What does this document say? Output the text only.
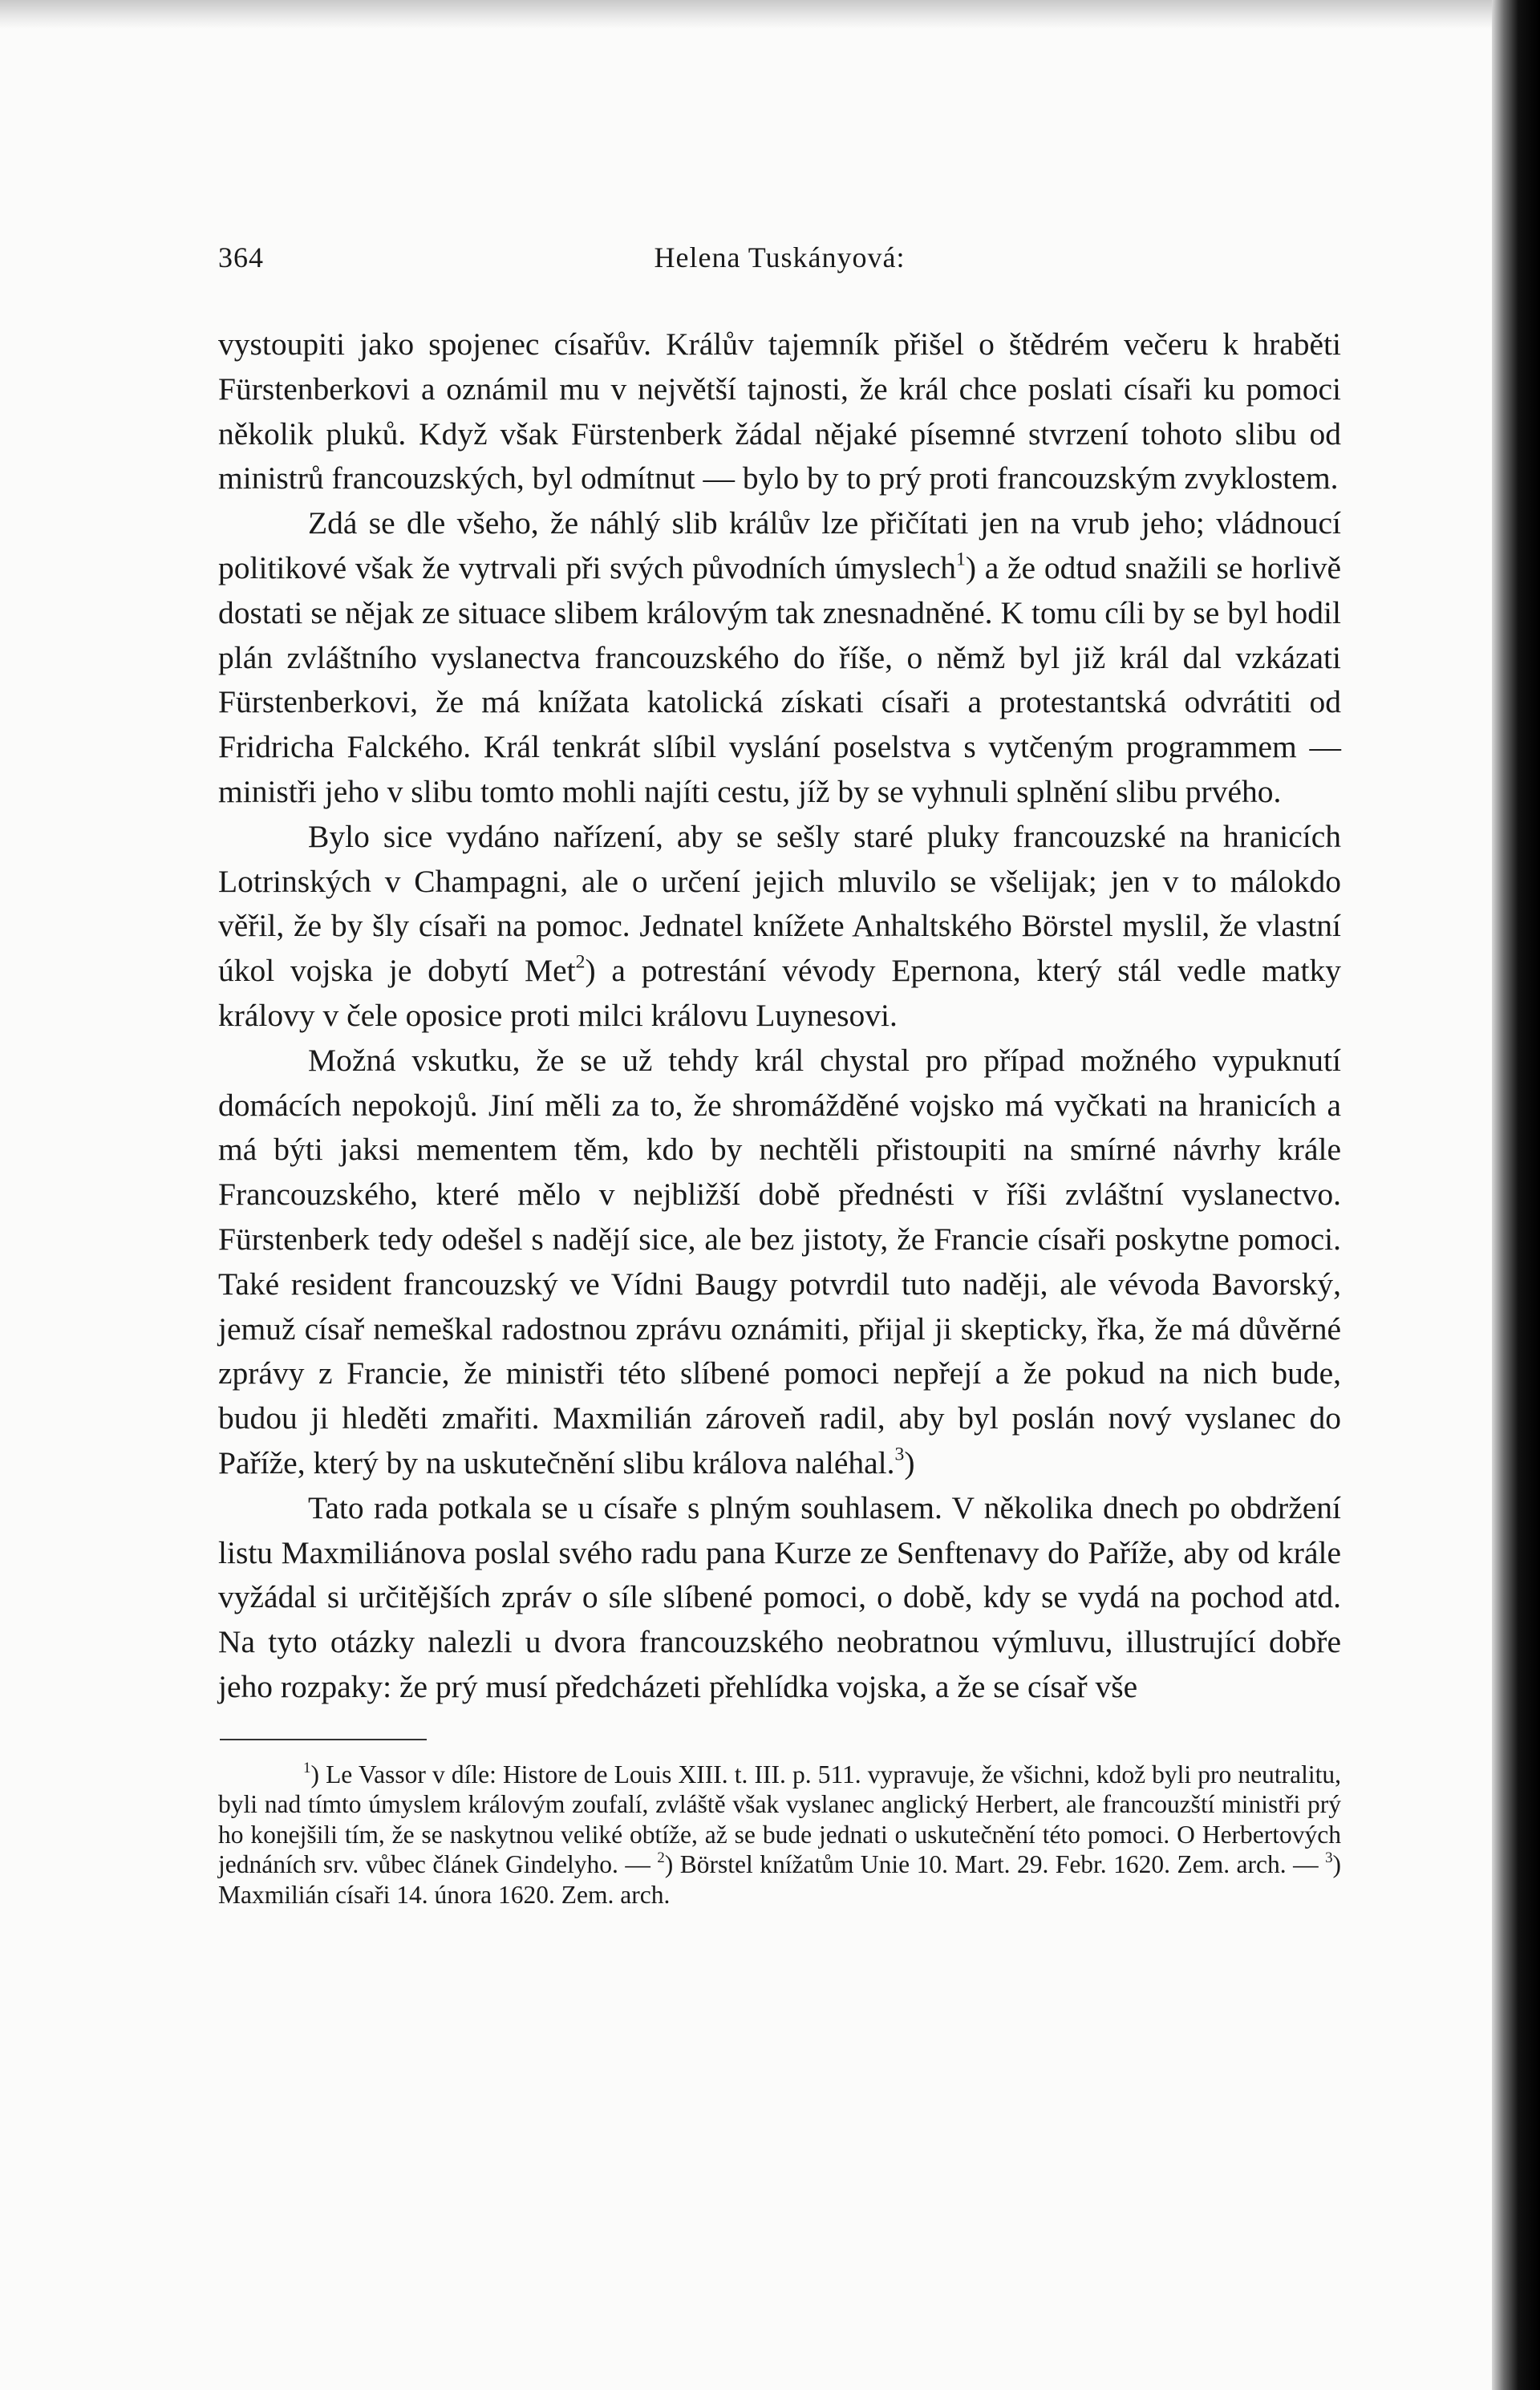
364	Helena Tuskányová:

vystoupiti jako spojenec císařův. Králův tajemník přišel o štědrém večeru k hraběti Fürstenberkovi a oznámil mu v největší tajnosti, že král chce poslati císaři ku pomoci několik pluků. Když však Fürstenberk žádal nějaké písemné stvrzení tohoto slibu od ministrů francouzských, byl odmítnut — bylo by to prý proti francouzským zvyklostem.

Zdá se dle všeho, že náhlý slib králův lze přičítati jen na vrub jeho; vládnoucí politikové však že vytrvali při svých původních úmyslech$^1$) a že odtud snažili se horlivě dostati se nějak ze situace slibem královým tak znesnadněné. K tomu cíli by se byl hodil plán zvláštního vyslanectva francouzského do říše, o němž byl již král dal vzkázati Fürstenberkovi, že má knížata katolická získati císaři a protestantská odvrátiti od Fridricha Falckého. Král tenkrát slíbil vyslání poselstva s vytčeným programmem — ministři jeho v slibu tomto mohli najíti cestu, jíž by se vyhnuli splnění slibu prvého.

Bylo sice vydáno nařízení, aby se sešly staré pluky francouzské na hranicích Lotrinských v Champagni, ale o určení jejich mluvilo se všelijak; jen v to málokdo věřil, že by šly císaři na pomoc. Jednatel knížete Anhaltského Börstel myslil, že vlastní úkol vojska je dobytí Met$^2$) a potrestání vévody Epernona, který stál vedle matky královy v čele oposice proti milci královu Luynesovi.

Možná vskutku, že se už tehdy král chystal pro případ možného vypuknutí domácích nepokojů. Jiní měli za to, že shromážděné vojsko má vyčkati na hranicích a má býti jaksi mementem těm, kdo by nechtěli přistoupiti na smírné návrhy krále Francouzského, které mělo v nejbližší době přednésti v říši zvláštní vyslanectvo. Fürstenberk tedy odešel s nadějí sice, ale bez jistoty, že Francie císaři poskytne pomoci. Také resident francouzský ve Vídni Baugy potvrdil tuto naději, ale vévoda Bavorský, jemuž císař nemeškal radostnou zprávu oznámiti, přijal ji skepticky, řka, že má důvěrné zprávy z Francie, že ministři této slíbené pomoci nepřejí a že pokud na nich bude, budou ji hleděti zmařiti. Maxmilián zároveň radil, aby byl poslán nový vyslanec do Paříže, který by na uskutečnění slibu králova naléhal.$^3$)

Tato rada potkala se u císaře s plným souhlasem. V několika dnech po obdržení listu Maxmiliánova poslal svého radu pana Kurze ze Senftenavy do Paříže, aby od krále vyžádal si určitějších zpráv o síle slíbené pomoci, o době, kdy se vydá na pochod atd. Na tyto otázky nalezli u dvora francouzského neobratnou výmluvu, illustrující dobře jeho rozpaky: že prý musí předcházeti přehlídka vojska, a že se císař vše

$^1$) Le Vassor v díle: Histore de Louis XIII. t. III. p. 511. vypravuje, že všichni, kdož byli pro neutralitu, byli nad tímto úmyslem královým zoufalí, zvláště však vyslanec anglický Herbert, ale francouzští ministři prý ho konejšili tím, že se naskytnou veliké obtíže, až se bude jednati o uskutečnění této pomoci. O Herbertových jednáních srv. vůbec článek Gindelyho. — $^2$) Börstel knížatům Unie 10. Mart. 29. Febr. 1620. Zem. arch. — $^3$) Maxmilián císaři 14. února 1620. Zem. arch.
